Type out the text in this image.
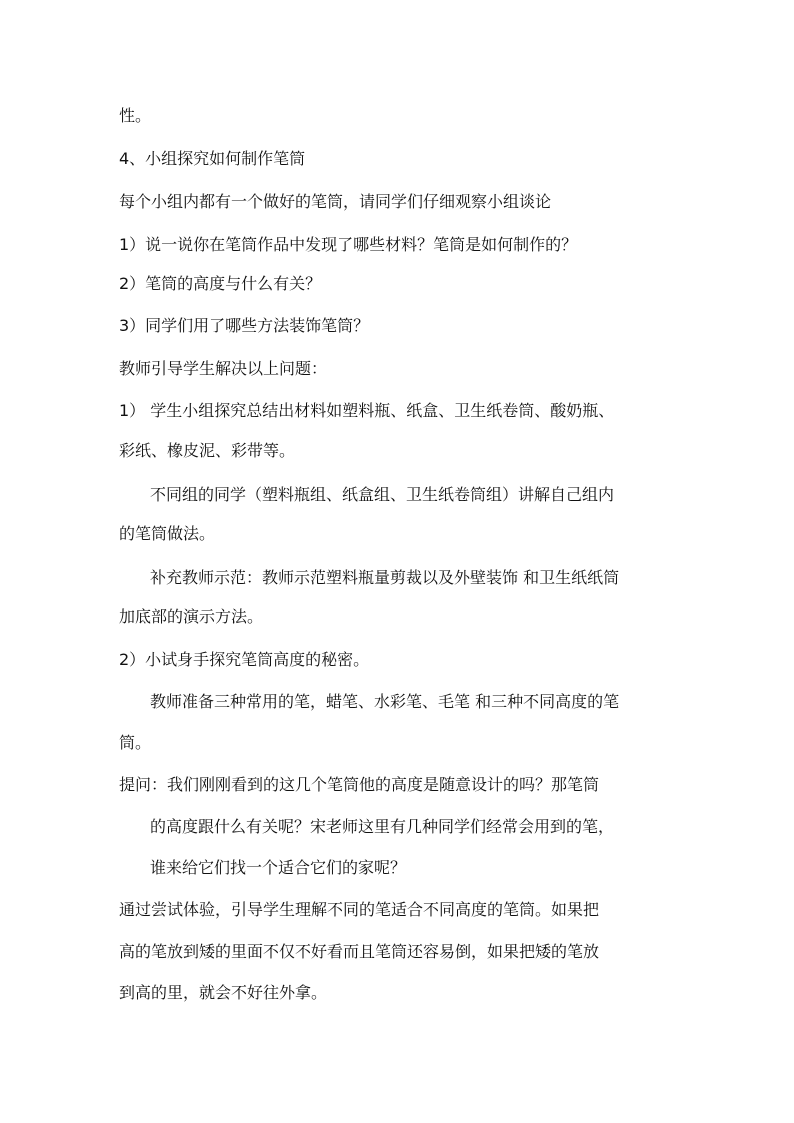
性。
4、小组探究如何制作笔筒
每个小组内都有一个做好的笔筒，请同学们仔细观察小组谈论
1）说一说你在笔筒作品中发现了哪些材料？笔筒是如何制作的？
2）笔筒的高度与什么有关？
3）同学们用了哪些方法装饰笔筒？
教师引导学生解决以上问题：
1） 学生小组探究总结出材料如塑料瓶、纸盒、卫生纸卷筒、酸奶瓶、
彩纸、橡皮泥、彩带等。
不同组的同学（塑料瓶组、纸盒组、卫生纸卷筒组）讲解自己组内
的笔筒做法。
补充教师示范：教师示范塑料瓶量剪裁以及外壁装饰 和卫生纸纸筒
加底部的演示方法。
2）小试身手探究笔筒高度的秘密。
教师准备三种常用的笔，蜡笔、水彩笔、毛笔 和三种不同高度的笔
筒。
提问：我们刚刚看到的这几个笔筒他的高度是随意设计的吗？那笔筒
的高度跟什么有关呢？宋老师这里有几种同学们经常会用到的笔，
谁来给它们找一个适合它们的家呢？
通过尝试体验，引导学生理解不同的笔适合不同高度的笔筒。如果把
高的笔放到矮的里面不仅不好看而且笔筒还容易倒，如果把矮的笔放
到高的里，就会不好往外拿。
